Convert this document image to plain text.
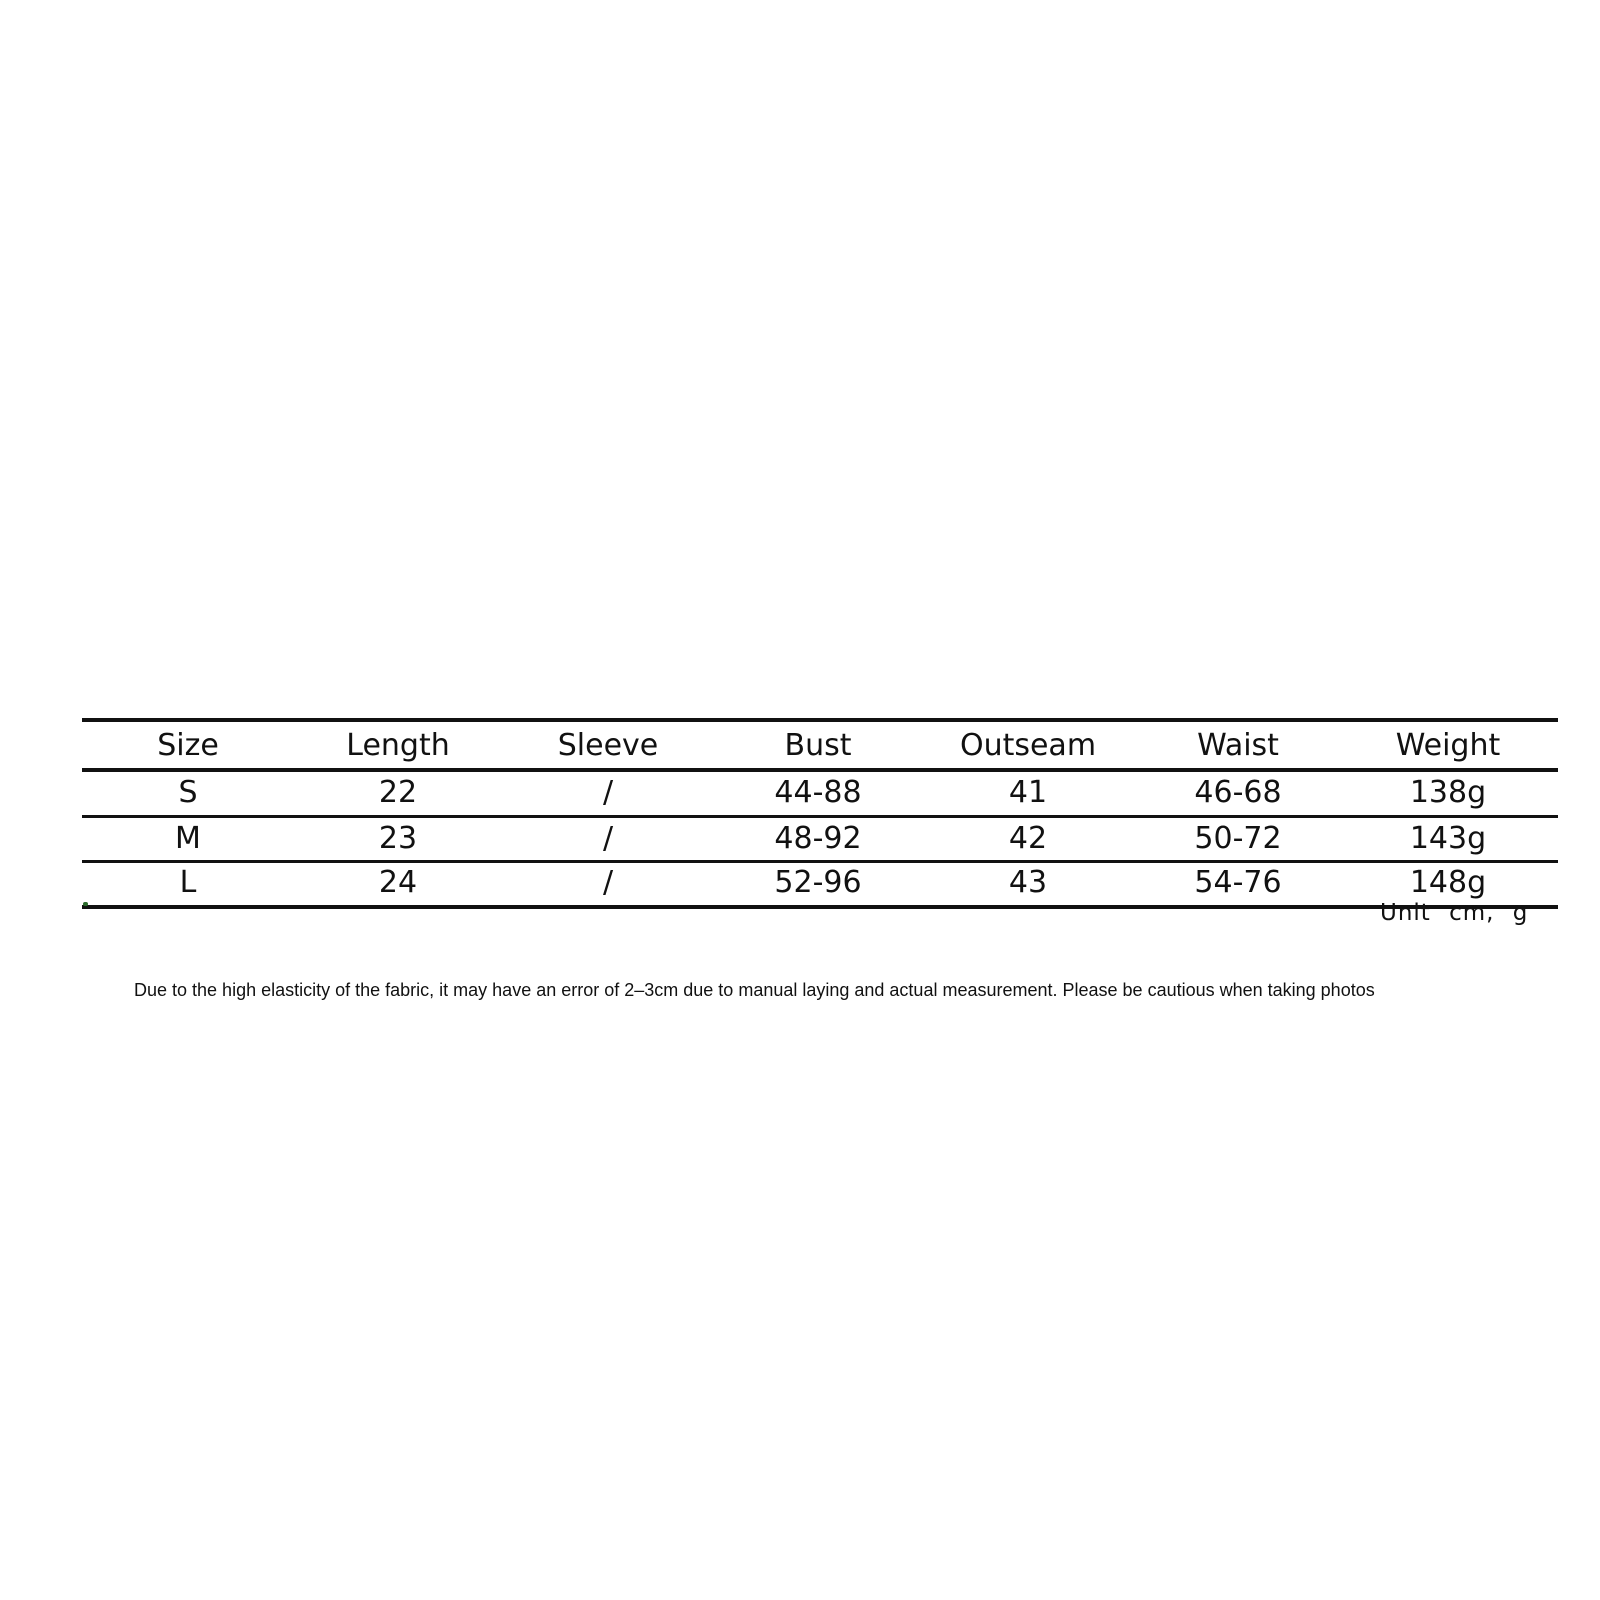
Size	Length	Sleeve	Bust	Outseam	Waist	Weight
S	22	/	44-88	41	46-68	138g
M	23	/	48-92	42	50-72	143g
L	24	/	52-96	43	54-76	148g
Unit cm, g
Due to the high elasticity of the fabric, it may have an error of 2–3cm due to manual laying and actual measurement. Please be cautious when taking photos
